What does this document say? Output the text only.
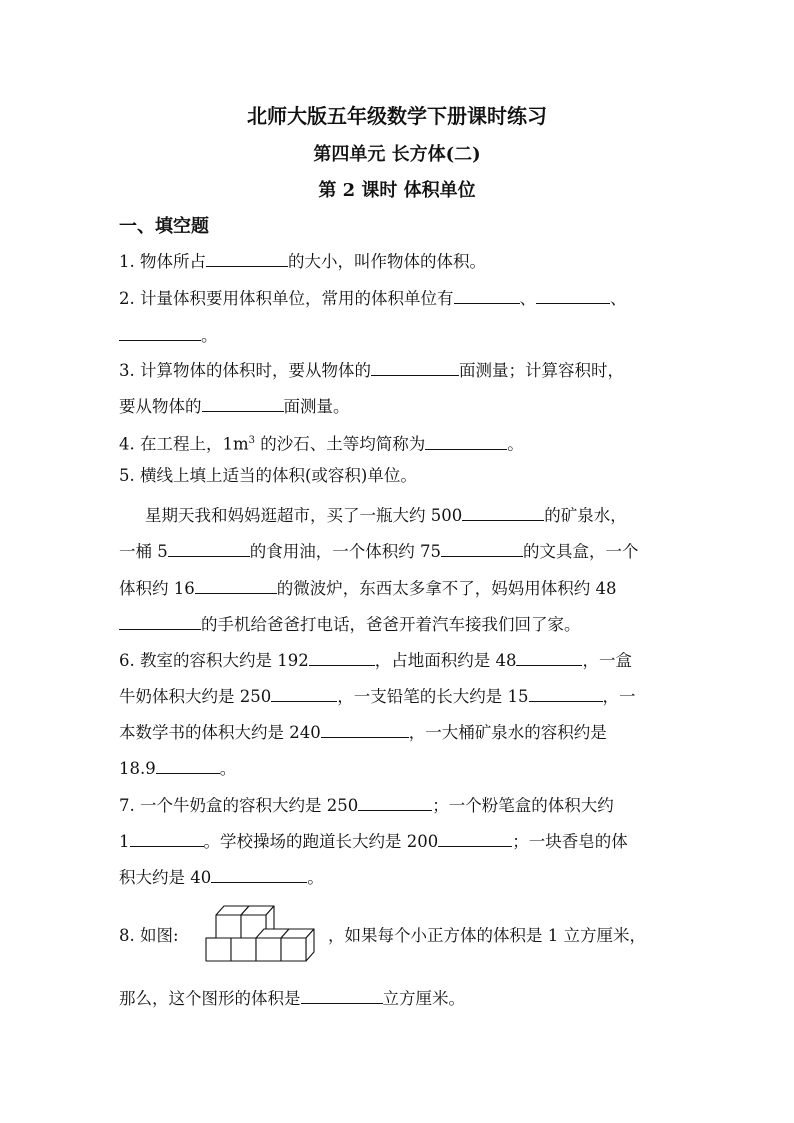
北师大版五年级数学下册课时练习
第四单元 长方体(二)
第 2 课时 体积单位
一、填空题
1. 物体所占	的大小，叫作物体的体积。
2. 计量体积要用体积单位，常用的体积单位有	、	、
。
3. 计算物体的体积时，要从物体的	面测量；计算容积时，
要从物体的	面测量。
4. 在工程上，$1m^3$ 的沙石、土等均简称为	。
5. 横线上填上适当的体积(或容积)单位。
星期天我和妈妈逛超市，买了一瓶大约 500	的矿泉水，
一桶 5	的食用油，一个体积约 75	的文具盒，一个
体积约 16	的微波炉，东西太多拿不了，妈妈用体积约 48
的手机给爸爸打电话，爸爸开着汽车接我们回了家。
6. 教室的容积大约是 192	，占地面积约是 48	，一盒
牛奶体积大约是 250	，一支铅笔的长大约是 15	，一
本数学书的体积大约是 240	，一大桶矿泉水的容积约是
18.9	。
7. 一个牛奶盒的容积大约是 250	；一个粉笔盒的体积大约
1	。学校操场的跑道长大约是 200	；一块香皂的体
积大约是 40	。
8. 如图:	，如果每个小正方体的体积是 1 立方厘米，
那么，这个图形的体积是	立方厘米。
